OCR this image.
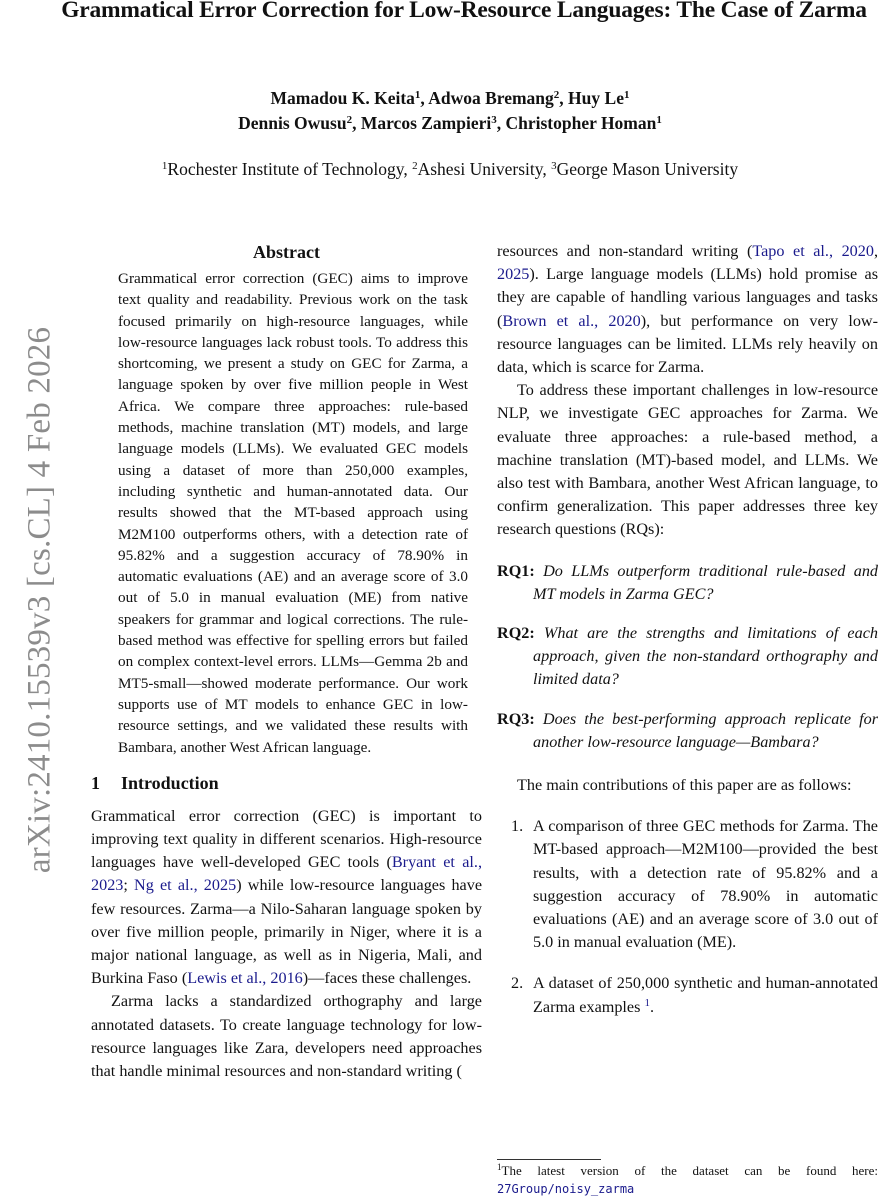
Grammatical Error Correction for Low-Resource Languages: The Case of Zarma
Mamadou K. Keita$^1$, Adwoa Bremang$^2$, Huy Le$^1$
Dennis Owusu$^2$, Marcos Zampieri$^3$, Christopher Homan$^1$
$^1$Rochester Institute of Technology, $^2$Ashesi University, $^3$George Mason University
arXiv:2410.15539v3 [cs.CL] 4 Feb 2026
Abstract

Grammatical error correction (GEC) aims to improve text quality and readability. Previous work on the task focused primarily on high-resource languages, while low-resource languages lack robust tools. To address this shortcoming, we present a study on GEC for Zarma, a language spoken by over five million people in West Africa. We compare three approaches: rule-based methods, machine translation (MT) models, and large language models (LLMs). We evaluated GEC models using a dataset of more than 250,000 examples, including synthetic and human-annotated data. Our results showed that the MT-based approach using M2M100 outperforms others, with a detection rate of 95.82% and a suggestion accuracy of 78.90% in automatic evaluations (AE) and an average score of 3.0 out of 5.0 in manual evaluation (ME) from native speakers for grammar and logical corrections. The rule-based method was effective for spelling errors but failed on complex context-level errors. LLMs—Gemma 2b and MT5-small—showed moderate performance. Our work supports use of MT models to enhance GEC in low-resource settings, and we validated these results with Bambara, another West African language.

1 Introduction

Grammatical error correction (GEC) is important to improving text quality in different scenarios. High-resource languages have well-developed GEC tools (Bryant et al., 2023; Ng et al., 2025) while low-resource languages have few resources. Zarma—a Nilo-Saharan language spoken by over five million people, primarily in Niger, where it is a major national language, as well as in Nigeria, Mali, and Burkina Faso (Lewis et al., 2016)—faces these challenges.

Zarma lacks a standardized orthography and large annotated datasets. To create language technology for low-resource languages like Zara, developers need approaches that handle minimal resources and non-standard writing (

resources and non-standard writing (Tapo et al., 2020, 2025). Large language models (LLMs) hold promise as they are capable of handling various languages and tasks (Brown et al., 2020), but performance on very low-resource languages can be limited. LLMs rely heavily on data, which is scarce for Zarma.

To address these important challenges in low-resource NLP, we investigate GEC approaches for Zarma. We evaluate three approaches: a rule-based method, a machine translation (MT)-based model, and LLMs. We also test with Bambara, another West African language, to confirm generalization. This paper addresses three key research questions (RQs):

RQ1: Do LLMs outperform traditional rule-based and MT models in Zarma GEC?

RQ2: What are the strengths and limitations of each approach, given the non-standard orthography and limited data?

RQ3: Does the best-performing approach replicate for another low-resource language—Bambara?

The main contributions of this paper are as follows:

1. A comparison of three GEC methods for Zarma. The MT-based approach—M2M100—provided the best results, with a detection rate of 95.82% and a suggestion accuracy of 78.90% in automatic evaluations (AE) and an average score of 3.0 out of 5.0 in manual evaluation (ME).
2. A dataset of 250,000 synthetic and human-annotated Zarma examples $^1$.
$^1$The latest version of the dataset can be found here: 27Group/noisy_zarma
